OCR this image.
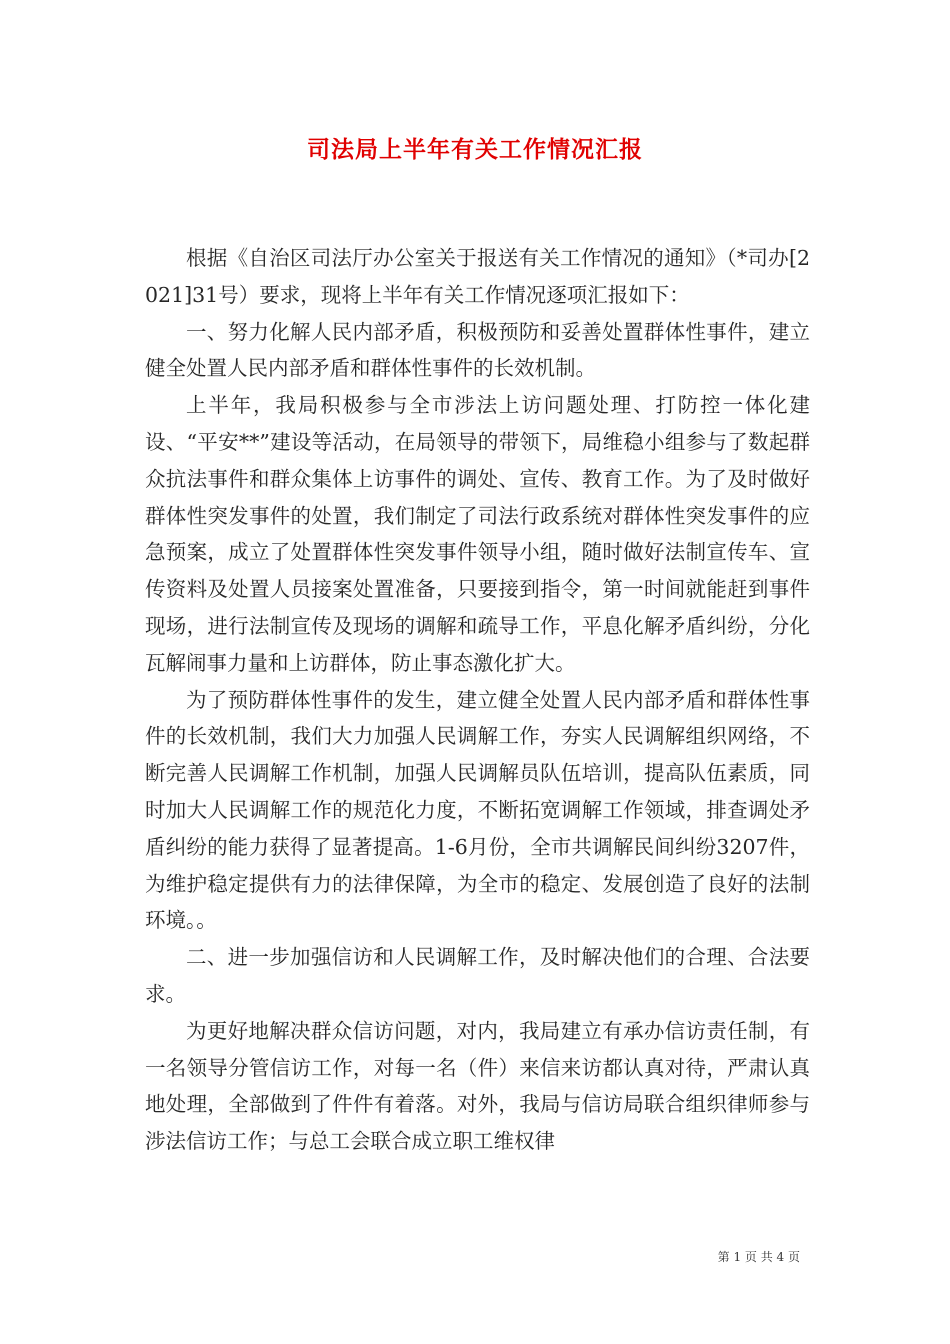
司法局上半年有关工作情况汇报

根据《自治区司法厅办公室关于报送有关工作情况的通知》（*司办[2021]31号）要求，现将上半年有关工作情况逐项汇报如下：

一、努力化解人民内部矛盾，积极预防和妥善处置群体性事件，建立健全处置人民内部矛盾和群体性事件的长效机制。

上半年，我局积极参与全市涉法上访问题处理、打防控一体化建设、“平安**”建设等活动，在局领导的带领下，局维稳小组参与了数起群众抗法事件和群众集体上访事件的调处、宣传、教育工作。为了及时做好群体性突发事件的处置，我们制定了司法行政系统对群体性突发事件的应急预案，成立了处置群体性突发事件领导小组，随时做好法制宣传车、宣传资料及处置人员接案处置准备，只要接到指令，第一时间就能赶到事件现场，进行法制宣传及现场的调解和疏导工作，平息化解矛盾纠纷，分化瓦解闹事力量和上访群体，防止事态激化扩大。

为了预防群体性事件的发生，建立健全处置人民内部矛盾和群体性事件的长效机制，我们大力加强人民调解工作，夯实人民调解组织网络，不断完善人民调解工作机制，加强人民调解员队伍培训，提高队伍素质，同时加大人民调解工作的规范化力度，不断拓宽调解工作领域，排查调处矛盾纠纷的能力获得了显著提高。1-6月份，全市共调解民间纠纷3207件，为维护稳定提供有力的法律保障，为全市的稳定、发展创造了良好的法制环境。。

二、进一步加强信访和人民调解工作，及时解决他们的合理、合法要求。

为更好地解决群众信访问题，对内，我局建立有承办信访责任制，有一名领导分管信访工作，对每一名（件）来信来访都认真对待，严肃认真地处理，全部做到了件件有着落。对外，我局与信访局联合组织律师参与涉法信访工作；与总工会联合成立职工维权律

第 1 页 共 4 页
